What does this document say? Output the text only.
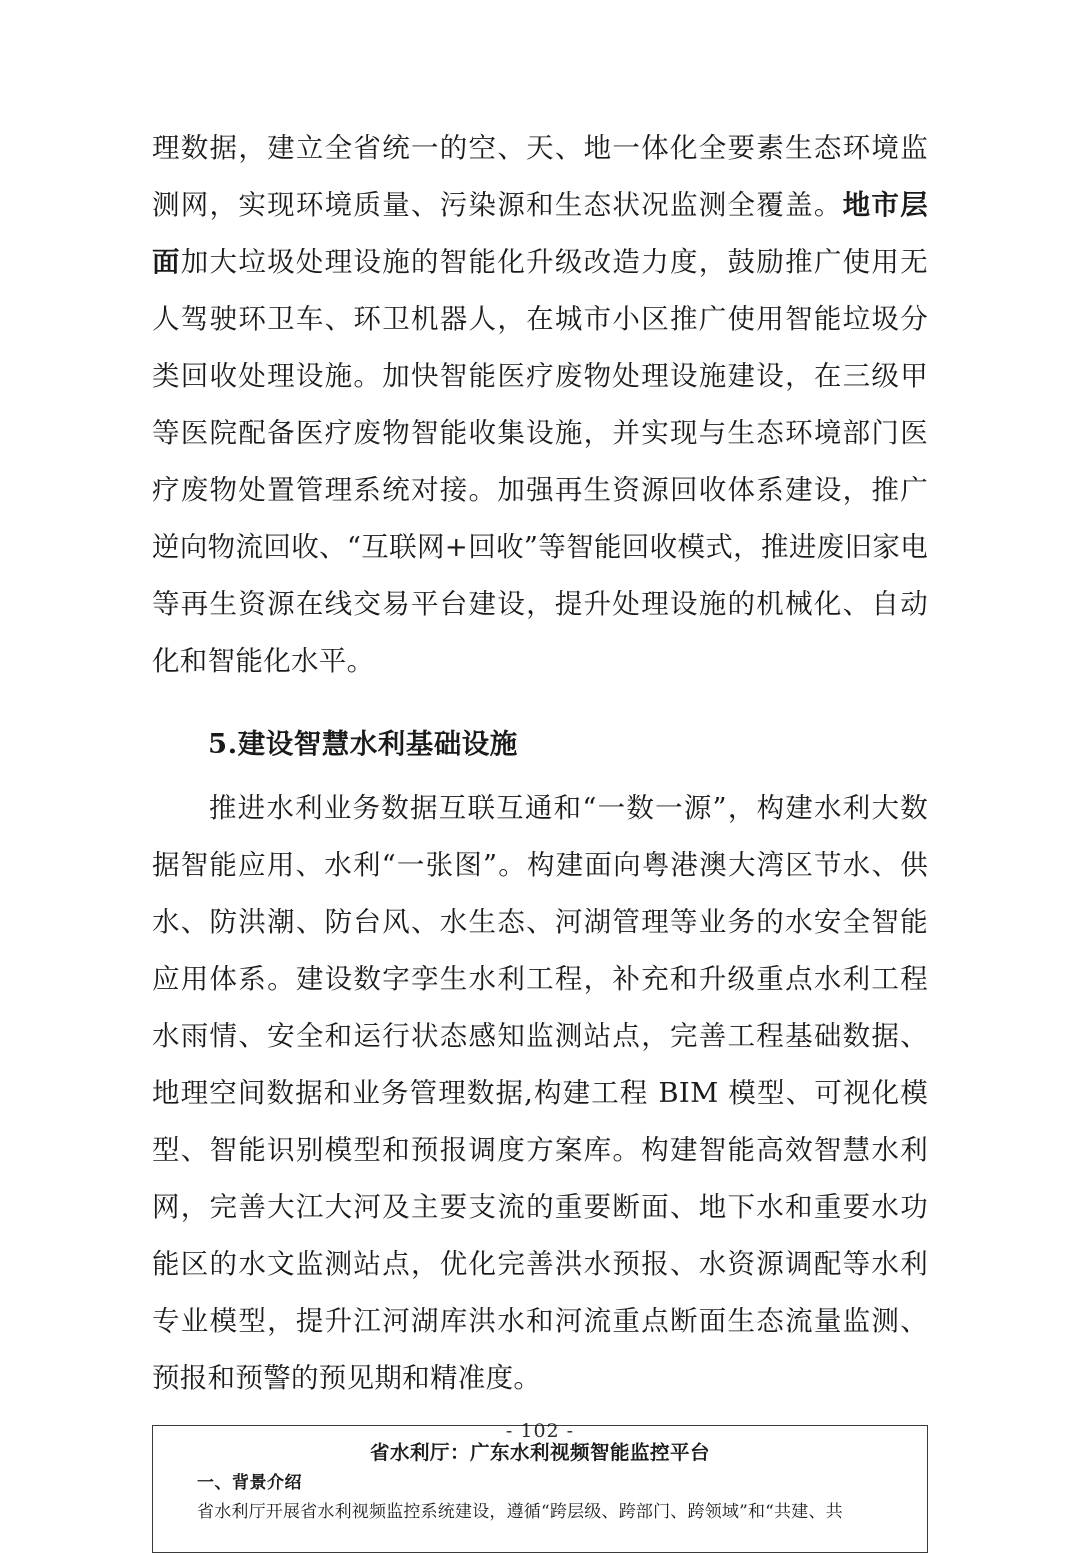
理数据，建立全省统一的空、天、地一体化全要素生态环境监测网，实现环境质量、污染源和生态状况监测全覆盖。地市层面加大垃圾处理设施的智能化升级改造力度，鼓励推广使用无人驾驶环卫车、环卫机器人，在城市小区推广使用智能垃圾分类回收处理设施。加快智能医疗废物处理设施建设，在三级甲等医院配备医疗废物智能收集设施，并实现与生态环境部门医疗废物处置管理系统对接。加强再生资源回收体系建设，推广逆向物流回收、“互联网+回收”等智能回收模式，推进废旧家电等再生资源在线交易平台建设，提升处理设施的机械化、自动化和智能化水平。

5.建设智慧水利基础设施

推进水利业务数据互联互通和“一数一源”，构建水利大数据智能应用、水利“一张图”。构建面向粤港澳大湾区节水、供水、防洪潮、防台风、水生态、河湖管理等业务的水安全智能应用体系。建设数字孪生水利工程，补充和升级重点水利工程水雨情、安全和运行状态感知监测站点，完善工程基础数据、地理空间数据和业务管理数据,构建工程 BIM 模型、可视化模型、智能识别模型和预报调度方案库。构建智能高效智慧水利网，完善大江大河及主要支流的重要断面、地下水和重要水功能区的水文监测站点，优化完善洪水预报、水资源调配等水利专业模型，提升江河湖库洪水和河流重点断面生态流量监测、预报和预警的预见期和精准度。

省水利厅：广东水利视频智能监控平台
一、背景介绍
省水利厅开展省水利视频监控系统建设，遵循“跨层级、跨部门、跨领域”和“共建、共
- 102 -
